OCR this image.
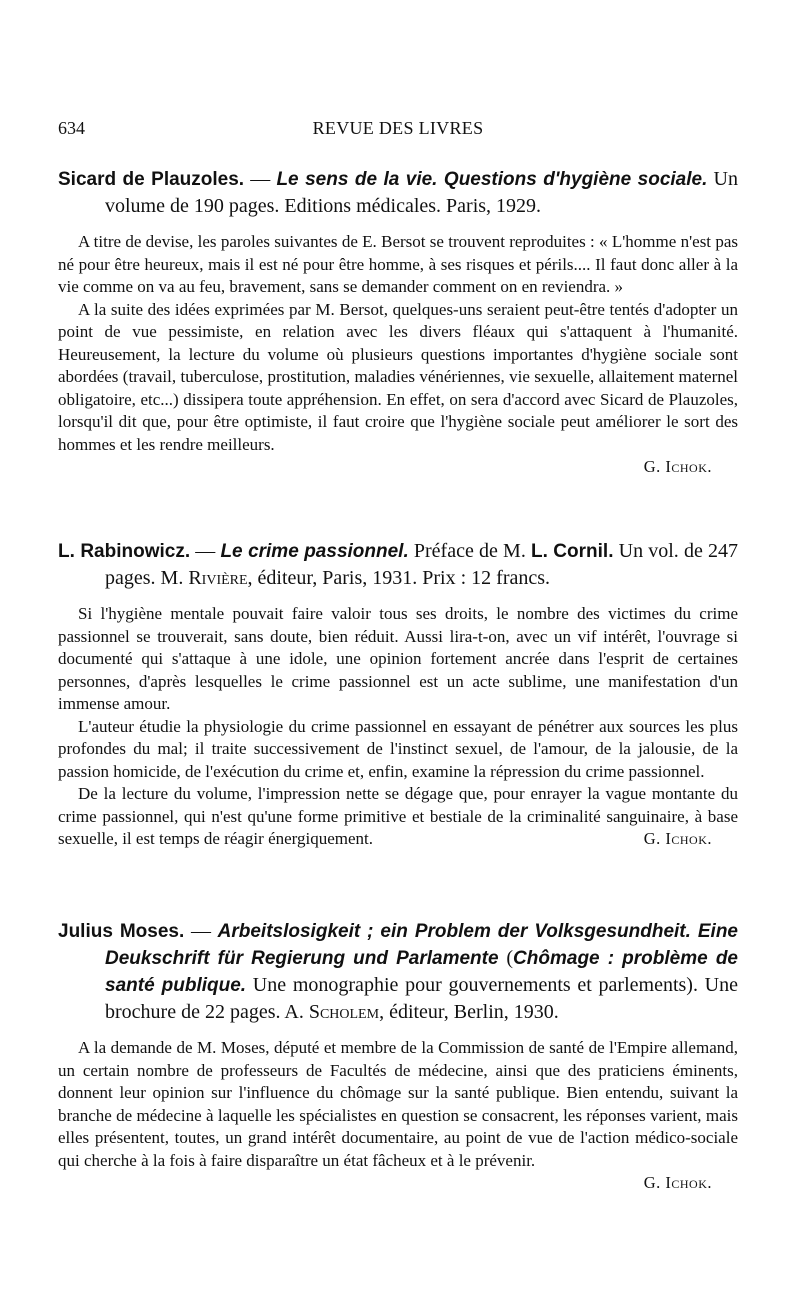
634	REVUE DES LIVRES
Sicard de Plauzoles. — Le sens de la vie. Questions d'hygiène sociale. Un volume de 190 pages. Editions médicales. Paris, 1929.

A titre de devise, les paroles suivantes de E. Bersot se trouvent reproduites : « L'homme n'est pas né pour être heureux, mais il est né pour être homme, à ses risques et périls.... Il faut donc aller à la vie comme on va au feu, bravement, sans se demander comment on en reviendra. »

A la suite des idées exprimées par M. Bersot, quelques-uns seraient peut-être tentés d'adopter un point de vue pessimiste, en relation avec les divers fléaux qui s'attaquent à l'humanité. Heureusement, la lecture du volume où plusieurs questions importantes d'hygiène sociale sont abordées (travail, tuberculose, prostitution, maladies vénériennes, vie sexuelle, allaitement maternel obligatoire, etc...) dissipera toute appréhension. En effet, on sera d'accord avec Sicard de Plauzoles, lorsqu'il dit que, pour être optimiste, il faut croire que l'hygiène sociale peut améliorer le sort des hommes et les rendre meilleurs.

G. Ichok.
L. Rabinowicz. — Le crime passionnel. Préface de M. L. Cornil. Un vol. de 247 pages. M. Rivière, éditeur, Paris, 1931. Prix : 12 francs.

Si l'hygiène mentale pouvait faire valoir tous ses droits, le nombre des victimes du crime passionnel se trouverait, sans doute, bien réduit. Aussi lira-t-on, avec un vif intérêt, l'ouvrage si documenté qui s'attaque à une idole, une opinion fortement ancrée dans l'esprit de certaines personnes, d'après lesquelles le crime passionnel est un acte sublime, une manifestation d'un immense amour.

L'auteur étudie la physiologie du crime passionnel en essayant de pénétrer aux sources les plus profondes du mal; il traite successivement de l'instinct sexuel, de l'amour, de la jalousie, de la passion homicide, de l'exécution du crime et, enfin, examine la répression du crime passionnel.

De la lecture du volume, l'impression nette se dégage que, pour enrayer la vague montante du crime passionnel, qui n'est qu'une forme primitive et bestiale de la criminalité sanguinaire, à base sexuelle, il est temps de réagir énergiquement.	G. Ichok.

Julius Moses. — Arbeitslosigkeit ; ein Problem der Volksgesundheit. Eine Deukschrift für Regierung und Parlamente (Chômage : problème de santé publique. Une monographie pour gouvernements et parlements). Une brochure de 22 pages. A. Scholem, éditeur, Berlin, 1930.

A la demande de M. Moses, député et membre de la Commission de santé de l'Empire allemand, un certain nombre de professeurs de Facultés de médecine, ainsi que des praticiens éminents, donnent leur opinion sur l'influence du chômage sur la santé publique. Bien entendu, suivant la branche de médecine à laquelle les spécialistes en question se consacrent, les réponses varient, mais elles présentent, toutes, un grand intérêt documentaire, au point de vue de l'action médico-sociale qui cherche à la fois à faire disparaître un état fâcheux et à le prévenir.
G. Ichok.
